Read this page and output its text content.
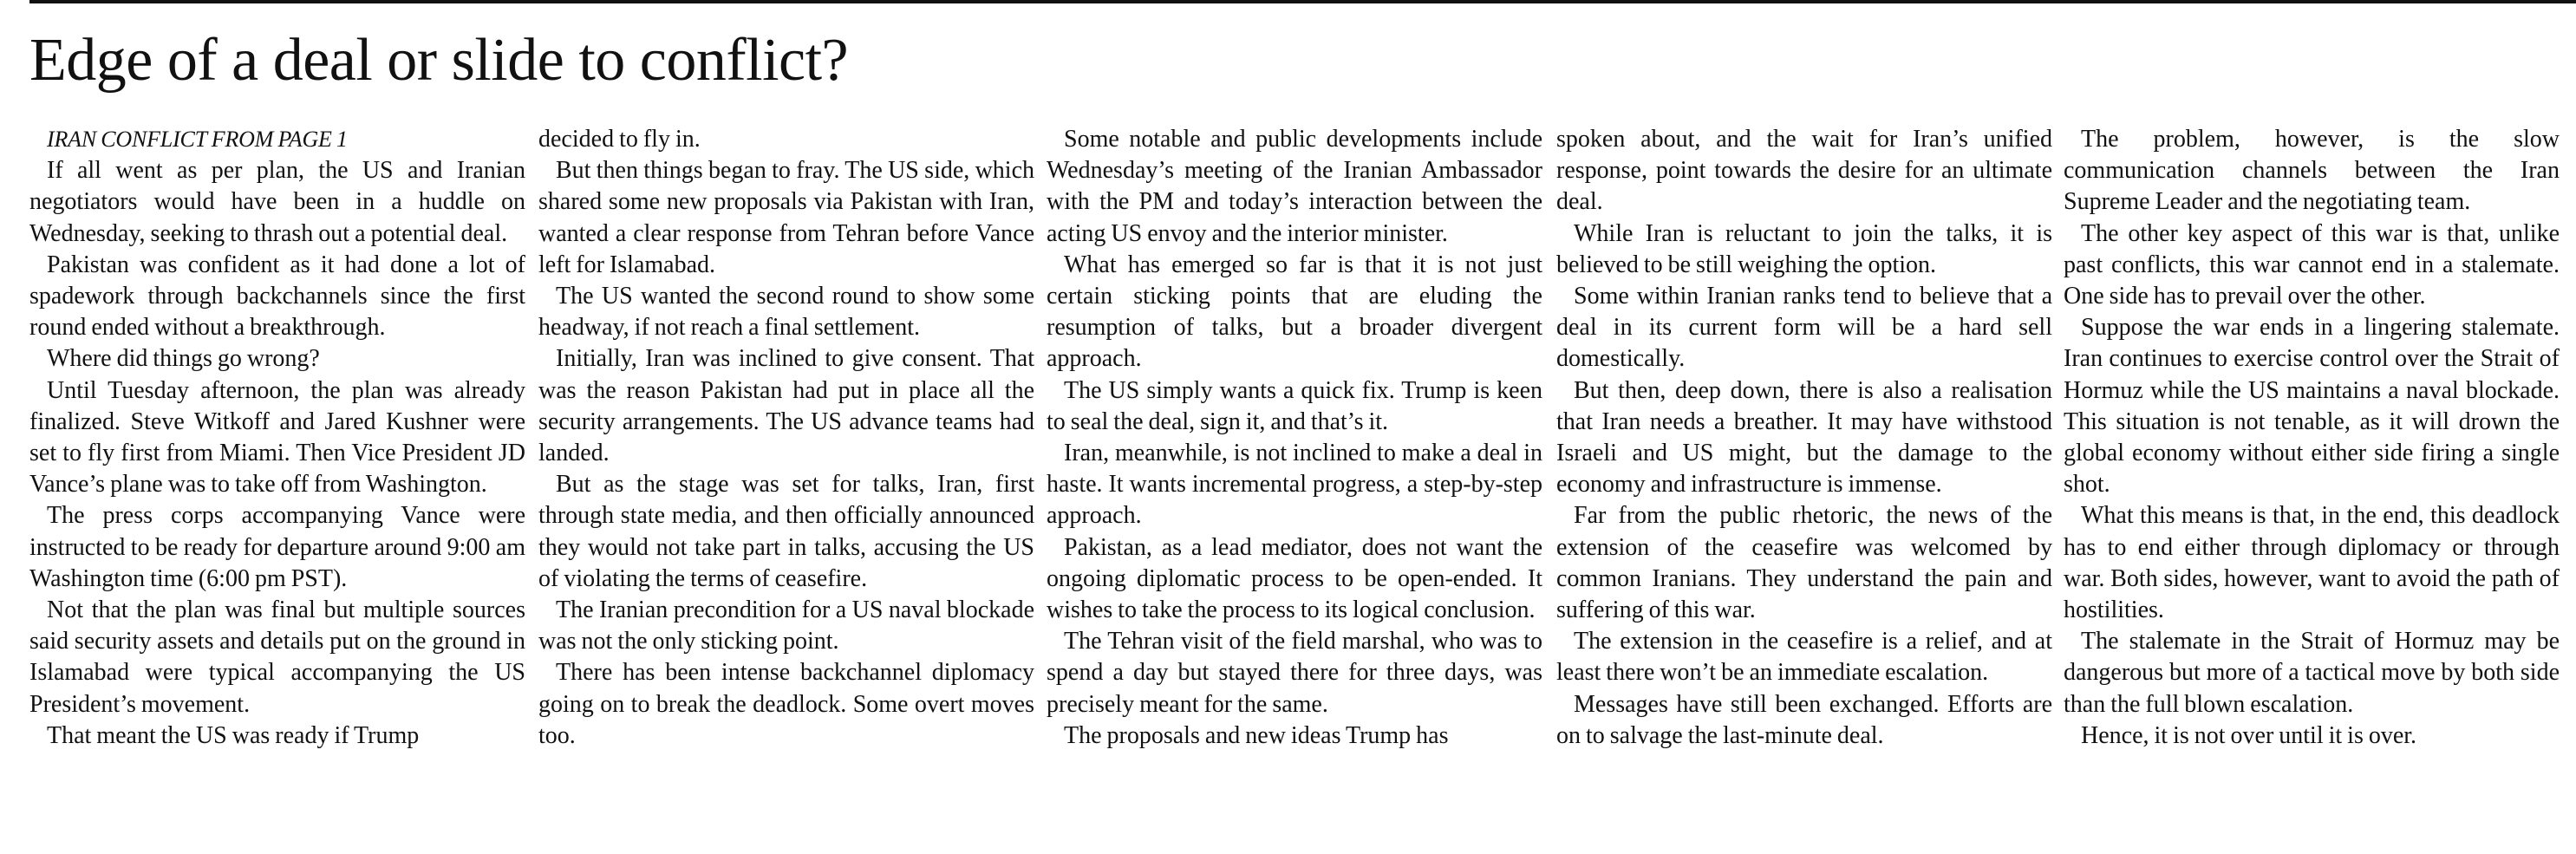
Edge of a deal or slide to conflict?

IRAN CONFLICT FROM PAGE 1

If all went as per plan, the US and Iranian negotiators would have been in a huddle on Wednesday, seeking to thrash out a potential deal.

Pakistan was confident as it had done a lot of spadework through backchannels since the first round ended without a breakthrough.

Where did things go wrong?

Until Tuesday afternoon, the plan was already finalized. Steve Witkoff and Jared Kushner were set to fly first from Miami. Then Vice President JD Vance’s plane was to take off from Washington.

The press corps accompanying Vance were instructed to be ready for departure around 9:00 am Washington time (6:00 pm PST).

Not that the plan was final but multiple sources said security assets and details put on the ground in Islamabad were typical accompanying the US President’s movement.

That meant the US was ready if Trump

decided to fly in.

But then things began to fray. The US side, which shared some new proposals via Pakistan with Iran, wanted a clear response from Tehran before Vance left for Islamabad.

The US wanted the second round to show some headway, if not reach a final settlement.

Initially, Iran was inclined to give consent. That was the reason Pakistan had put in place all the security arrangements. The US advance teams had landed.

But as the stage was set for talks, Iran, first through state media, and then officially announced they would not take part in talks, accusing the US of violating the terms of ceasefire.

The Iranian precondition for a US naval blockade was not the only sticking point.

There has been intense backchannel diplomacy going on to break the deadlock. Some overt moves too.

Some notable and public developments include Wednesday’s meeting of the Iranian Ambassador with the PM and today’s interaction between the acting US envoy and the interior minister.

What has emerged so far is that it is not just certain sticking points that are eluding the resumption of talks, but a broader divergent approach.

The US simply wants a quick fix. Trump is keen to seal the deal, sign it, and that’s it.

Iran, meanwhile, is not inclined to make a deal in haste. It wants incremental progress, a step-by-step approach.

Pakistan, as a lead mediator, does not want the ongoing diplomatic process to be open-ended. It wishes to take the process to its logical conclusion.

The Tehran visit of the field marshal, who was to spend a day but stayed there for three days, was precisely meant for the same.

The proposals and new ideas Trump has

spoken about, and the wait for Iran’s unified response, point towards the desire for an ultimate deal.

While Iran is reluctant to join the talks, it is believed to be still weighing the option.

Some within Iranian ranks tend to believe that a deal in its current form will be a hard sell domestically.

But then, deep down, there is also a realisation that Iran needs a breather. It may have withstood Israeli and US might, but the damage to the economy and infrastructure is immense.

Far from the public rhetoric, the news of the extension of the ceasefire was welcomed by common Iranians. They understand the pain and suffering of this war.

The extension in the ceasefire is a relief, and at least there won’t be an immediate escalation.

Messages have still been exchanged. Efforts are on to salvage the last-minute deal.

The problem, however, is the slow communication channels between the Iran Supreme Leader and the negotiating team.

The other key aspect of this war is that, unlike past conflicts, this war cannot end in a stalemate. One side has to prevail over the other.

Suppose the war ends in a lingering stalemate. Iran continues to exercise control over the Strait of Hormuz while the US maintains a naval blockade. This situation is not tenable, as it will drown the global economy without either side firing a single shot.

What this means is that, in the end, this deadlock has to end either through diplomacy or through war. Both sides, however, want to avoid the path of hostilities.

The stalemate in the Strait of Hormuz may be dangerous but more of a tactical move by both side than the full blown escalation.

Hence, it is not over until it is over.
